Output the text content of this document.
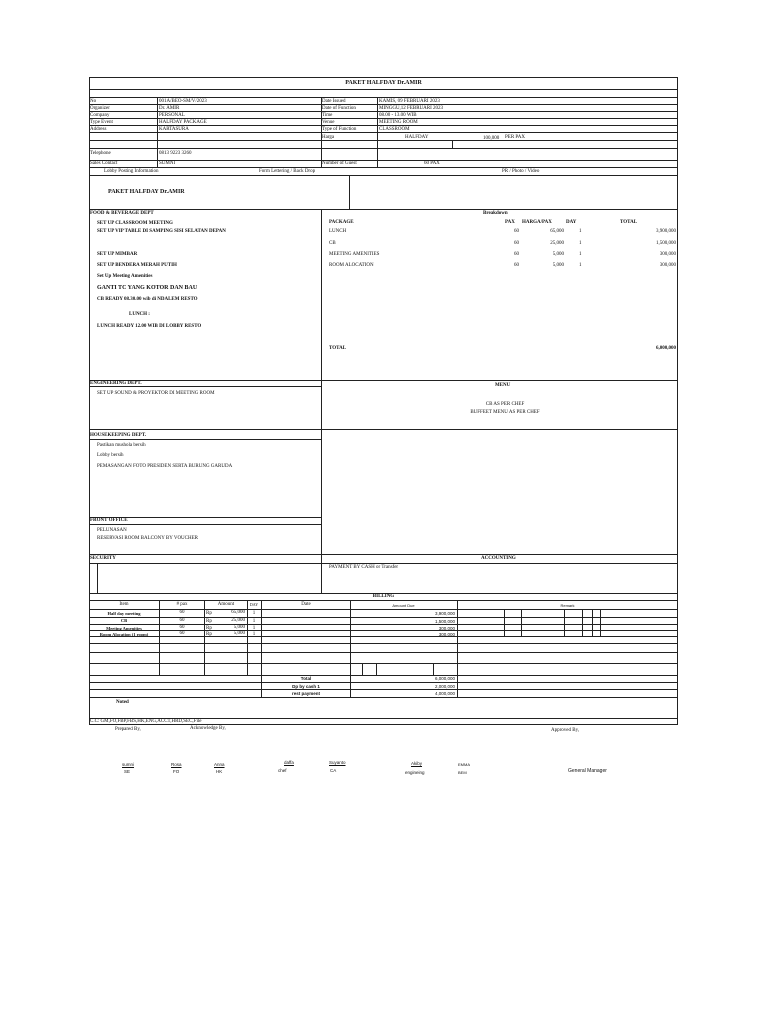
PAKET HALFDAY Dr.AMIR
No	001A/BEO-SM/V/2023
Organizer	Dr. AMIR
Company	PERSONAL
Type Event	HALFDAY PACKAGE
Address	KARTASURA
Telephone	0813 9223 3260
Sales Contact	SUMNI
Date Issued	KAMIS, 09 FEBRUARI 2023
Date of Function	MINGGU,12 FEBRUARI 2023
Time	08.00 - 13.00 WIB
Venue	MEETING ROOM
Type of Function	CLASSROOM
Harga	HALFDAY	100,000 PER PAX
Number of Guest	60 PAX
Lobby Posting Information	Form Lettering / Back Drop	PR / Photo / Video
PAKET HALFDAY Dr.AMIR
FOOD & BEVERAGE DEPT	Breakdown
SET UP CLASSROOM MEETING
SET UP VIP TABLE DI SAMPING SISI SELATAN DEPAN
SET UP MIMBAR
SET UP BENDERA MERAH PUTIH
Set Up Meeting Amenities
GANTI TC YANG KOTOR DAN BAU
CB READY 08.30.00 wib di NDALEM RESTO
LUNCH :
LUNCH READY 12.00 WIB DI LOBBY RESTO
PACKAGE	PAX HARGA/PAX	DAY	TOTAL
LUNCH	60	65,000	1	3,900,000
CB	60	25,000	1	1,500,000
MEETING AMENITIES	60	5,000	1	300,000
ROOM ALOCATION	60	5,000	1	300,000
TOTAL	6,000,000
ENGINEERING DEPT.
SET UP SOUND & PROYEKTOR DI MEETING ROOM
MENU
CB AS PER CHEF
BUFFEET MENU AS PER CHEF
HOUSEKEEPING DEPT.
Pastikan mushola bersih
Lobby bersih
PEMASANGAN FOTO PRESIDEN SERTA BURUNG GARUDA
FRONT OFFICE
PELUNASAN
RESERVASI ROOM BALCONY BY VOUCHER
SECURITY	ACCOUNTING
PAYMENT BY CASH or Transfer
BILLING
Item	# pax	Amount	DAY	Date	Amount Due	Remark
Half day meeting	60	Rp	65,000	1	3,900,000
CB	60	Rp	25,000	1	1,500,000
Meeting Amenities	60	Rp	5,000	1	300,000
Room Alocation (1 room)	60	Rp	5,000	1	300,000
Total	6,000,000
Dp by cash 1	2,000,000
rest payment	4,000,000
Noted
C.C: GM,FO,FBP,FBS,HK,ENG,ACCT,HRD,SEC,File
Prepared By,	Acknowledge By,	Approved By,
sumni
SE
Rosa
FO
Anna
HK
daffa
chef
Suyanto
CA
Akiby
engineing
EMMA
BEM	General Manager
